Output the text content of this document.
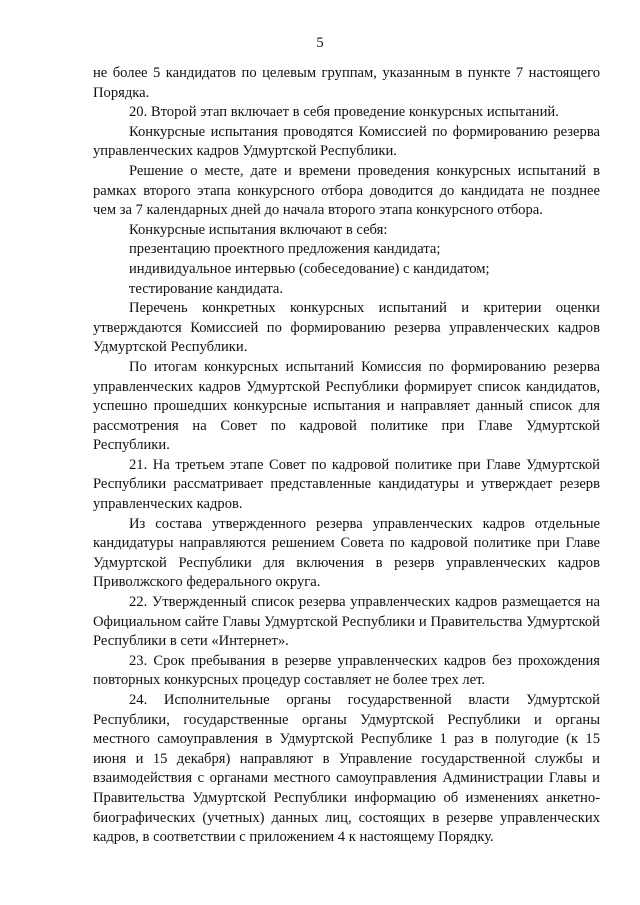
5

не более 5 кандидатов по целевым группам, указанным в пункте 7 настоящего Порядка.

20. Второй этап включает в себя проведение конкурсных испытаний.

Конкурсные испытания проводятся Комиссией по формированию резерва управленческих кадров Удмуртской Республики.

Решение о месте, дате и времени проведения конкурсных испытаний в рамках второго этапа конкурсного отбора доводится до кандидата не позднее чем за 7 календарных дней до начала второго этапа конкурсного отбора.

Конкурсные испытания включают в себя:

презентацию проектного предложения кандидата;

индивидуальное интервью (собеседование) с кандидатом;

тестирование кандидата.

Перечень конкретных конкурсных испытаний и критерии оценки утверждаются Комиссией по формированию резерва управленческих кадров Удмуртской Республики.

По итогам конкурсных испытаний Комиссия по формированию резерва управленческих кадров Удмуртской Республики формирует список кандидатов, успешно прошедших конкурсные испытания и направляет данный список для рассмотрения на Совет по кадровой политике при Главе Удмуртской Республики.

21. На третьем этапе Совет по кадровой политике при Главе Удмуртской Республики рассматривает представленные кандидатуры и утверждает резерв управленческих кадров.

Из состава утвержденного резерва управленческих кадров отдельные кандидатуры направляются решением Совета по кадровой политике при Главе Удмуртской Республики для включения в резерв управленческих кадров Приволжского федерального округа.

22. Утвержденный список резерва управленческих кадров размещается на Официальном сайте Главы Удмуртской Республики и Правительства Удмуртской Республики в сети «Интернет».

23. Срок пребывания в резерве управленческих кадров без прохождения повторных конкурсных процедур составляет не более трех лет.

24. Исполнительные органы государственной власти Удмуртской Республики, государственные органы Удмуртской Республики и органы местного самоуправления в Удмуртской Республике 1 раз в полугодие (к 15 июня и 15 декабря) направляют в Управление государственной службы и взаимодействия с органами местного самоуправления Администрации Главы и Правительства Удмуртской Республики информацию об изменениях анкетно-биографических (учетных) данных лиц, состоящих в резерве управленческих кадров, в соответствии с приложением 4 к настоящему Порядку.
